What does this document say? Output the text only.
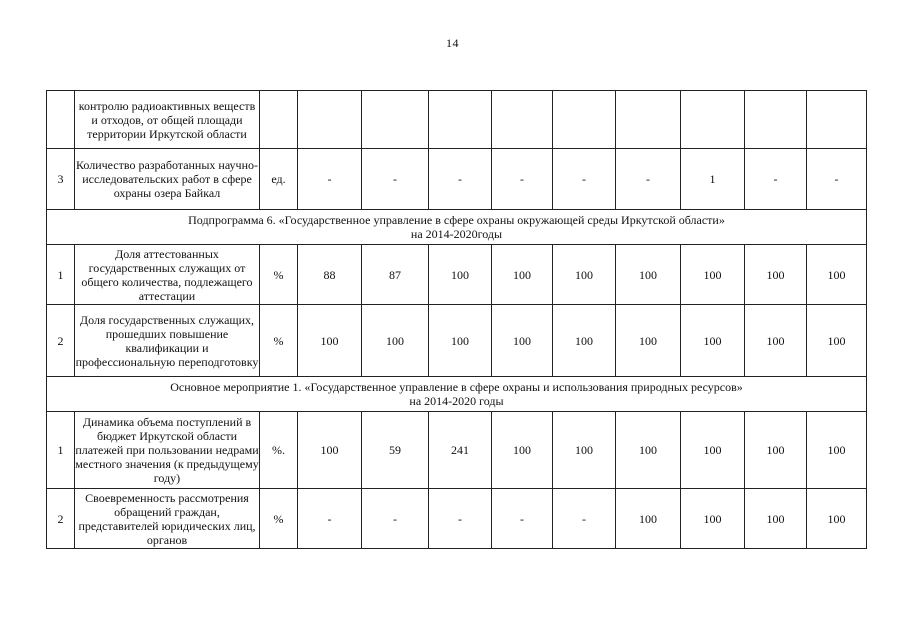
14
	контролю радиоактивных веществ и отходов, от общей площади территории Иркутской области										
3	Количество разработанных научно-исследовательских работ в сфере охраны озера Байкал	ед.	-	-	-	-	-	-	1	-	-

Подпрограмма 6. «Государственное управление в сфере охраны окружающей среды Иркутской области»
на 2014-2020годы											

1	Доля аттестованных государственных служащих от общего количества, подлежащего аттестации	%	88	87	100	100	100	100	100	100	100
2	Доля государственных служащих, прошедших повышение квалификации и профессиональную переподготовку	%	100	100	100	100	100	100	100	100	100

Основное мероприятие 1. «Государственное управление в сфере охраны и использования природных ресурсов»
на 2014-2020 годы											

1	Динамика объема поступлений в бюджет Иркутской области платежей при пользовании недрами местного значения (к предыдущему году)	%.	100	59	241	100	100	100	100	100	100
2	Своевременность рассмотрения обращений граждан, представителей юридических лиц, органов	%	-	-	-	-	-	100	100	100	100
